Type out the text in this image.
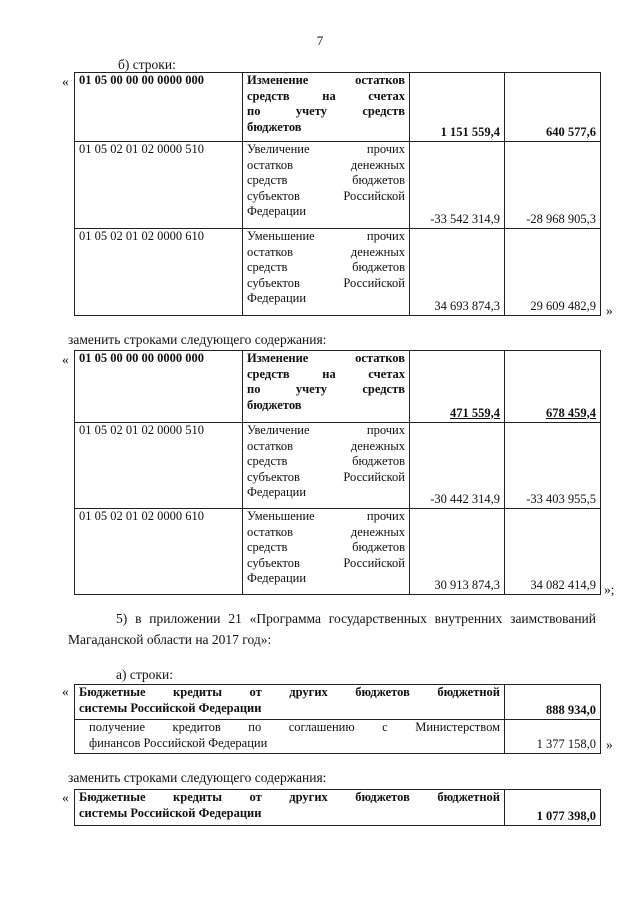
7
б) строки:
« 01 05 00 00 00 0000 000	Изменение остатков
средств на счетах
по учету средств
бюджетов	1 151 559,4	640 577,6
01 05 02 01 02 0000 510	Увеличение прочих
остатков денежных
средств бюджетов
субъектов Российской
Федерации	-33 542 314,9	-28 968 905,3
01 05 02 01 02 0000 610	Уменьшение прочих
остатков денежных
средств бюджетов
субъектов Российской
Федерации	34 693 874,3	29 609 482,9 »
заменить строками следующего содержания:
« 01 05 00 00 00 0000 000	Изменение остатков
средств на счетах
по учету средств
бюджетов	471 559,4	678 459,4
01 05 02 01 02 0000 510	Увеличение прочих
остатков денежных
средств бюджетов
субъектов Российской
Федерации	-30 442 314,9	-33 403 955,5
01 05 02 01 02 0000 610	Уменьшение прочих
остатков денежных
средств бюджетов
субъектов Российской
Федерации	30 913 874,3	34 082 414,9 »;
5) в приложении 21 «Программа государственных внутренних заимствований
Магаданской области на 2017 год»:
а) строки:
« Бюджетные кредиты от других бюджетов бюджетной
системы Российской Федерации	888 934,0

получение кредитов по соглашению с Министерством
финансов Российской Федерации	1 377 158,0 »
заменить строками следующего содержания:
« Бюджетные кредиты от других бюджетов бюджетной
системы Российской Федерации	1 077 398,0
